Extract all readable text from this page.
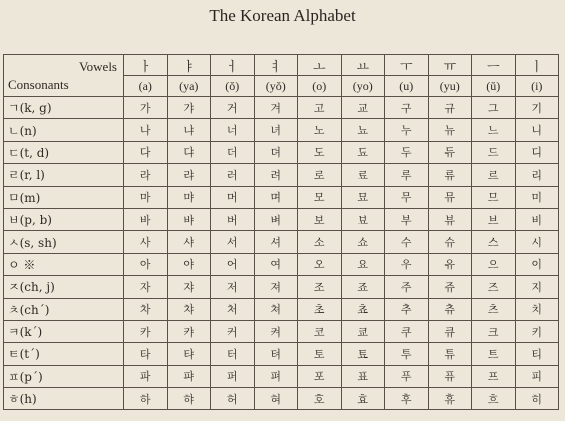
The Korean Alphabet
Vowels
Consonants	ㅏ	ㅑ	ㅓ	ㅕ	ㅗ	ㅛ	ㅜ	ㅠ	ㅡ	ㅣ
	(a)	(ya)	(ŏ)	(yŏ)	(o)	(yo)	(u)	(yu)	(ŭ)	(i)
ㄱ(k, g)	가	갸	거	겨	고	교	구	규	그	기
ㄴ(n)	나	냐	너	녀	노	뇨	누	뉴	느	니
ㄷ(t, d)	다	댜	더	뎌	도	됴	두	듀	드	디
ㄹ(r, l)	라	랴	러	려	로	료	루	류	르	리
ㅁ(m)	마	먀	머	며	모	묘	무	뮤	므	미
ㅂ(p, b)	바	뱌	버	벼	보	뵤	부	뷰	브	비
ㅅ(s, sh)	사	샤	서	셔	소	쇼	수	슈	스	시
ㅇ ※	아	야	어	여	오	요	우	유	으	이
ㅈ(ch, j)	자	쟈	저	져	조	죠	주	쥬	즈	지
ㅊ(ch´)	차	챠	처	쳐	초	쵸	추	츄	츠	치
ㅋ(k´)	카	캬	커	켜	코	쿄	쿠	큐	크	키
ㅌ(t´)	타	탸	터	텨	토	툐	투	튜	트	티
ㅍ(p´)	파	퍄	퍼	펴	포	표	푸	퓨	프	피
ㅎ(h)	하	햐	허	혀	호	효	후	휴	흐	히
